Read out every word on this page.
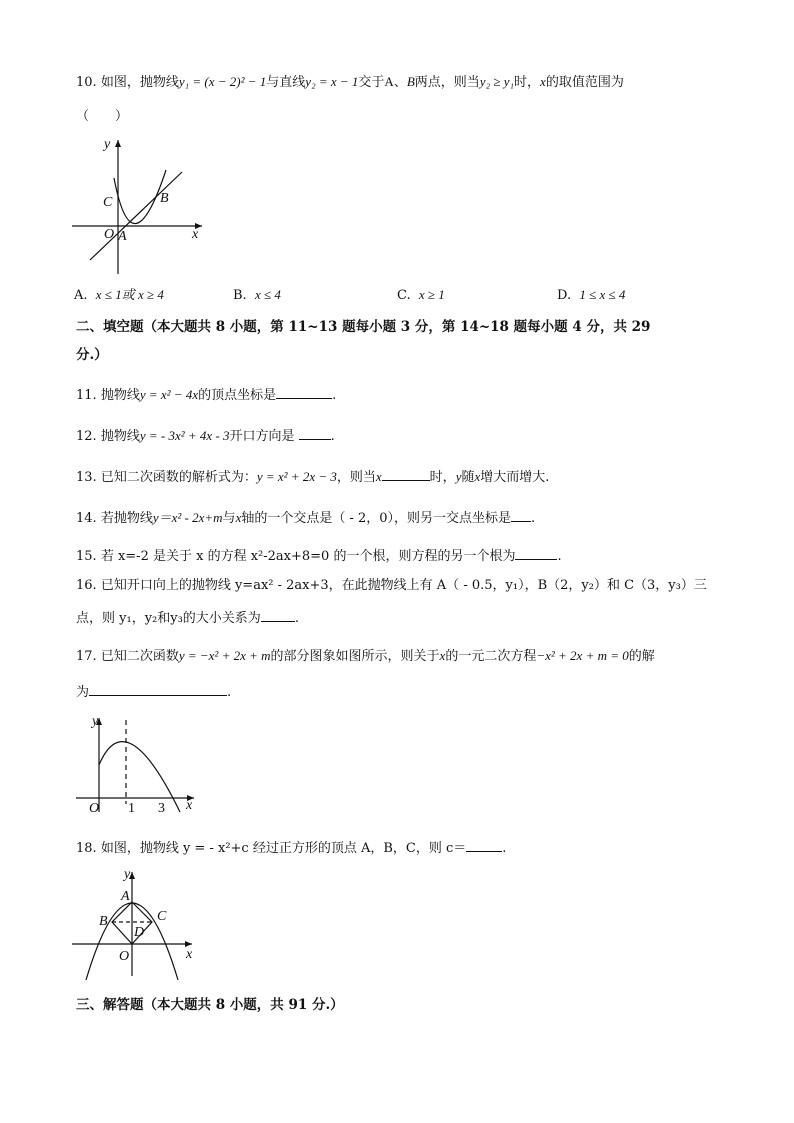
10. 如图，抛物线y₁ = (x − 2)² − 1与直线y₂ = x − 1交于A、B两点，则当y₂ ≥ y₁时，x的取值范围为
（　　）
y
x
O A
B
C
A. x ≤ 1或 x ≥ 4	B. x ≤ 4	C. x ≥ 1	D. 1 ≤ x ≤ 4
二、填空题（本大题共 8 小题，第 11~13 题每小题 3 分，第 14~18 题每小题 4 分，共 29
分.）
11. 抛物线y = x² − 4x的顶点坐标是	.
12. 抛物线y = - 3x² + 4x - 3开口方向是	.
13. 已知二次函数的解析式为：y = x² + 2x − 3，则当x	时，y随x增大而增大.
14. 若抛物线y＝x² - 2x+m与x轴的一个交点是（ - 2，0），则另一交点坐标是 .
15. 若 x=-2 是关于 x 的方程 x²-2ax+8=0 的一个根，则方程的另一个根为	.
16. 已知开口向上的抛物线 y=ax² - 2ax+3，在此抛物线上有 A（ - 0.5，y₁），B（2，y₂）和 C（3，y₃）三
点，则 y₁，y₂和y₃的大小关系为	.
17. 已知二次函数y = −x² + 2x + m的部分图象如图所示，则关于x的一元二次方程−x² + 2x + m = 0的解
为	.
y
x
O 1 3
18. 如图，抛物线 y = - x²+c 经过正方形的顶点 A，B，C，则 c＝	.
y
x
O
A
B	C
D
三、解答题（本大题共 8 小题，共 91 分.）
